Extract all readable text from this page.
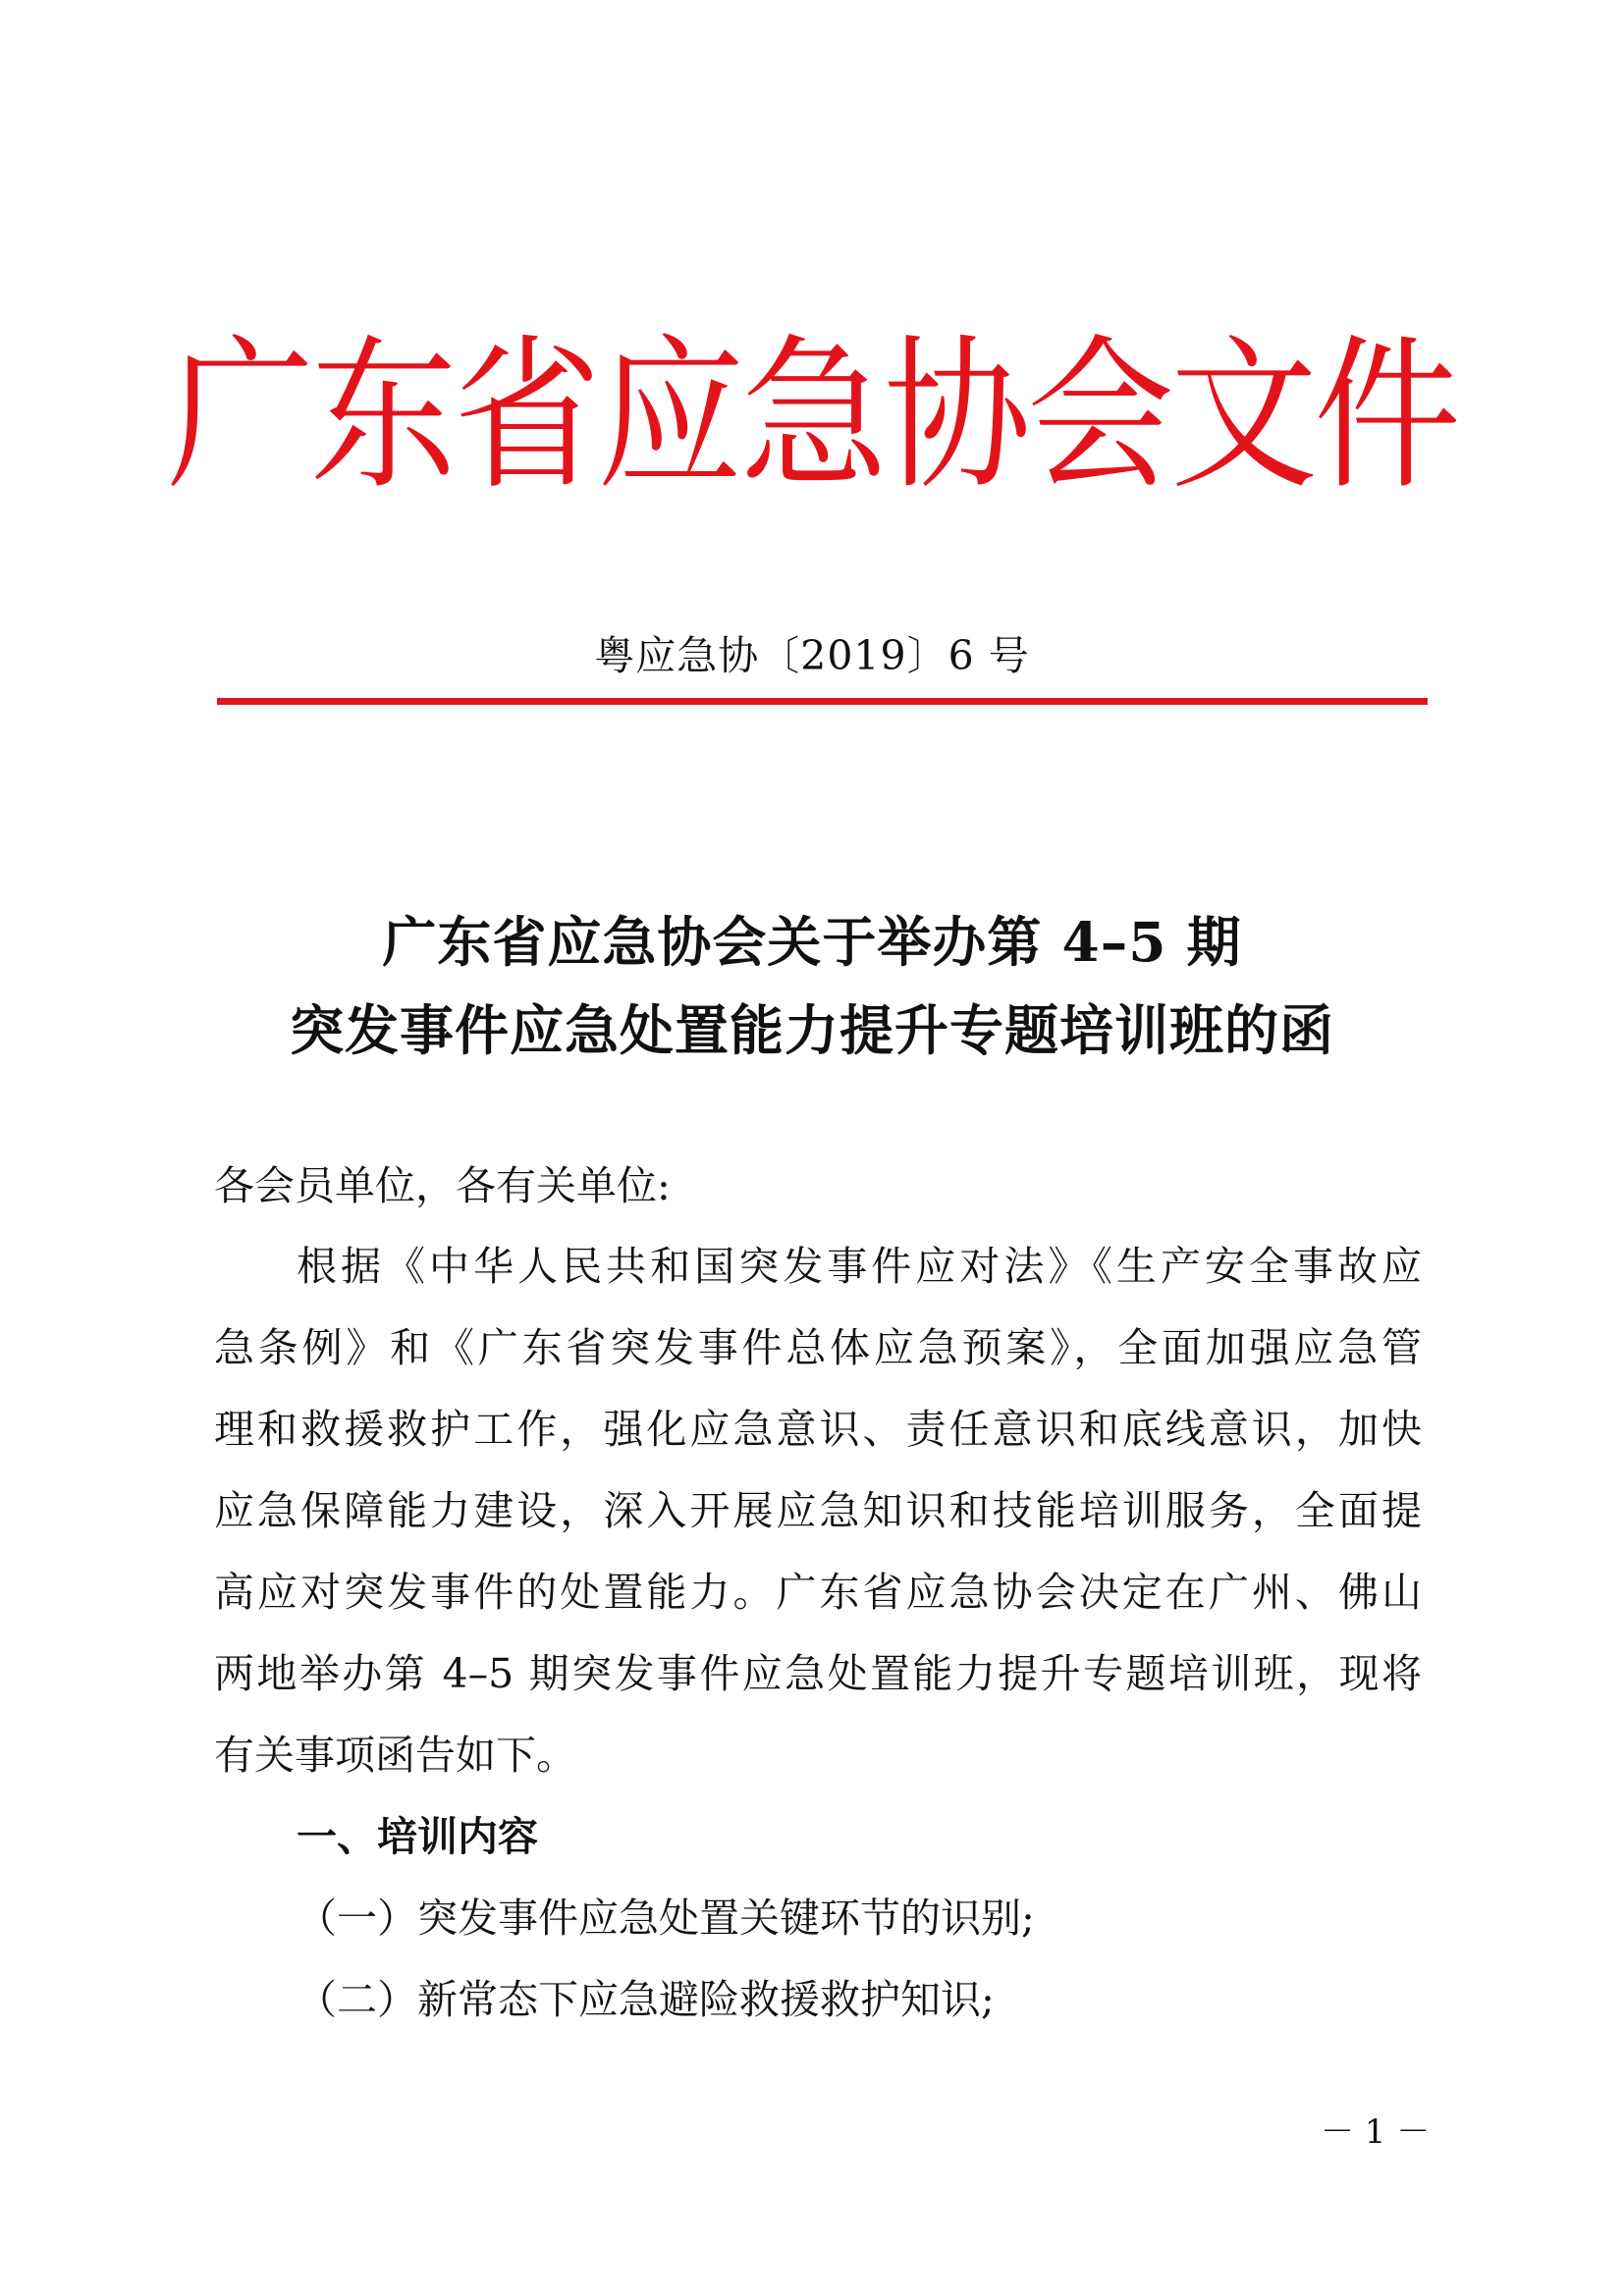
广东省应急协会文件
粤应急协〔2019〕6 号
广东省应急协会关于举办第 4–5 期
突发事件应急处置能力提升专题培训班的函
各会员单位，各有关单位:
根据《中华人民共和国突发事件应对法》《生产安全事故应
急条例》和《广东省突发事件总体应急预案》，全面加强应急管
理和救援救护工作，强化应急意识、责任意识和底线意识，加快
应急保障能力建设，深入开展应急知识和技能培训服务，全面提
高应对突发事件的处置能力。广东省应急协会决定在广州、佛山
两地举办第 4–5 期突发事件应急处置能力提升专题培训班，现将
有关事项函告如下。
一、培训内容
（一）突发事件应急处置关键环节的识别;
（二）新常态下应急避险救援救护知识;
－ 1 －
